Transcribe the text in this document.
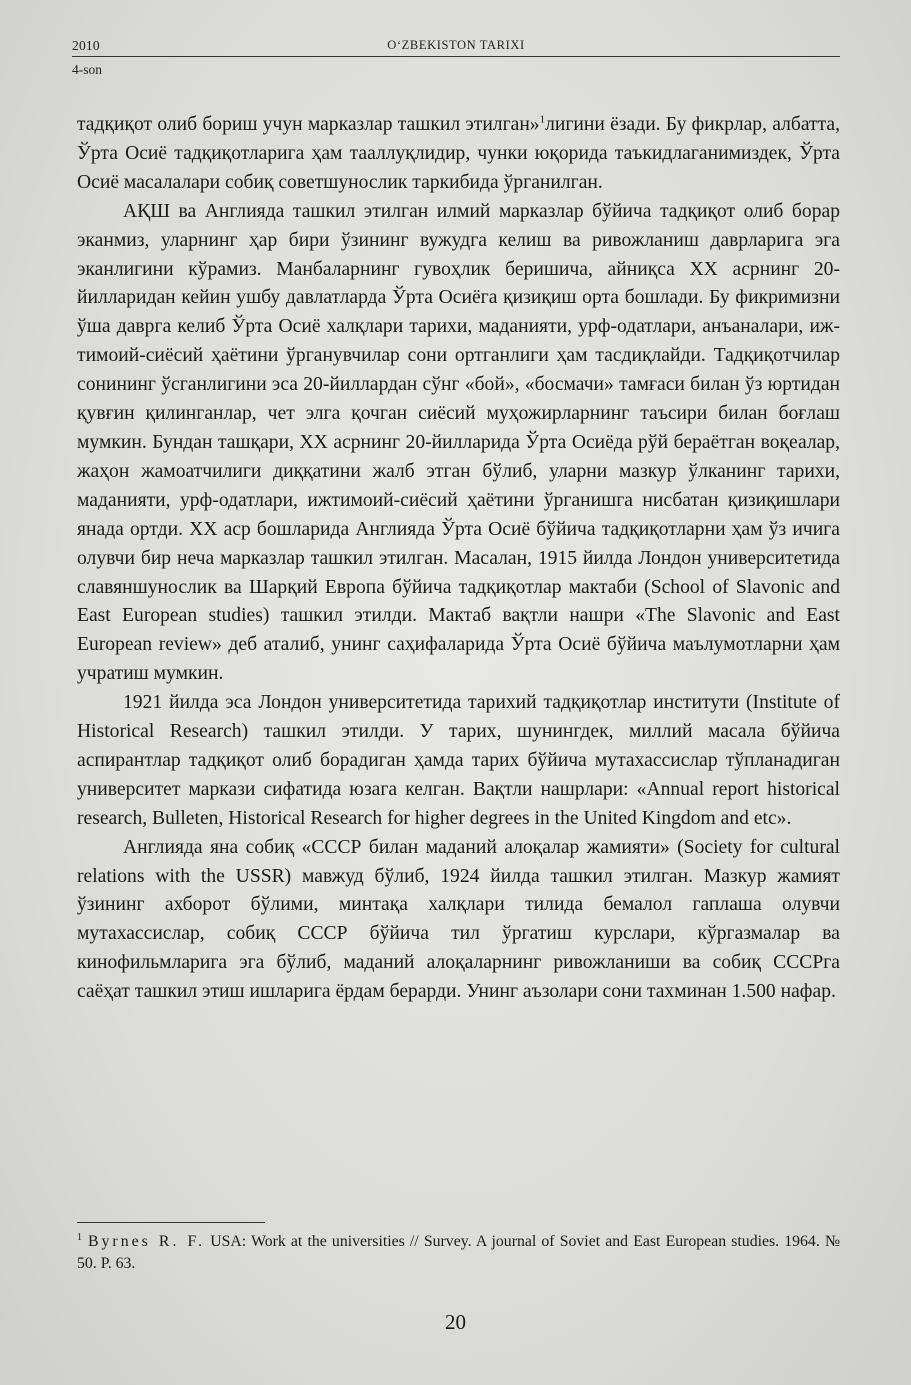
2010	O‘ZBEKISTON TARIXI
4-son

тадқиқот олиб бориш учун марказлар ташкил этилган»$^1$лигини ёзади. Бу фикрлар, албатта, Ўрта Осиё тадқиқотларига ҳам тааллуқлидир, чунки юқорида таъкидлаганимиздек, Ўрта Осиё масалалари собиқ советшунослик таркибида ўрганилган.

АҚШ ва Англияда ташкил этилган илмий марказлар бўйича тадқиқот олиб борар эканмиз, уларнинг ҳар бири ўзининг вужудга келиш ва ривожланиш даврларига эга эканлигини кўрамиз. Манбаларнинг гувоҳлик беришича, айниқса ХХ асрнинг 20-йилларидан кейин ушбу давлатларда Ўрта Осиёга қизиқиш орта бошлади. Бу фикримизни ўша даврга келиб Ўрта Осиё халқлари тарихи, маданияти, урф-одатлари, анъаналари, ижтимоий-сиёсий ҳаётини ўрганувчилар сони ортганлиги ҳам тасдиқлайди. Тадқиқотчилар сонининг ўсганлигини эса 20-йиллардан сўнг «бой», «босмачи» тамғаси билан ўз юртидан қувғин қилинганлар, чет элга қочган сиёсий муҳожирларнинг таъсири билан боғлаш мумкин. Бундан ташқари, ХХ асрнинг 20-йилларида Ўрта Осиёда рўй бераётган воқеалар, жаҳон жамоатчилиги диққатини жалб этган бўлиб, уларни мазкур ўлканинг тарихи, маданияти, урф-одатлари, ижтимоий-сиёсий ҳаётини ўрганишга нисбатан қизиқишлари янада ортди. ХХ аср бошларида Англияда Ўрта Осиё бўйича тадқиқотларни ҳам ўз ичига олувчи бир неча марказлар ташкил этилган. Масалан, 1915 йилда Лондон университетида славяншунослик ва Шарқий Европа бўйича тадқиқотлар мактаби (School of Slavonic and East European studies) ташкил этилди. Мактаб вақтли нашри «The Slavonic and East European review» деб аталиб, унинг саҳифаларида Ўрта Осиё бўйича маълумотларни ҳам учратиш мумкин.

1921 йилда эса Лондон университетида тарихий тадқиқотлар институти (Institute of Historical Research) ташкил этилди. У тарих, шунингдек, миллий масала бўйича аспирантлар тадқиқот олиб борадиган ҳамда тарих бўйича мутахассислар тўпланадиган университет маркази сифатида юзага келган. Вақтли нашрлари: «Annual report historical research, Bulleten, Historical Research for higher degrees in the United Kingdom and etc».

Англияда яна собиқ «СССР билан маданий алоқалар жамияти» (Society for cultural relations with the USSR) мавжуд бўлиб, 1924 йилда ташкил этилган. Мазкур жамият ўзининг ахборот бўлими, минтақа халқлари тилида бемалол гаплаша олувчи мутахассислар, собиқ СССР бўйича тил ўргатиш курслари, кўргазмалар ва кинофильмларига эга бўлиб, маданий алоқаларнинг ривожланиши ва собиқ СССРга саёҳат ташкил этиш ишларига ёрдам берарди. Унинг аъзолари сони тахминан 1.500 нафар.

$^1$ Byrnes R. F. USA: Work at the universities // Survey. A journal of Soviet and East European studies. 1964. № 50. P. 63.
20
